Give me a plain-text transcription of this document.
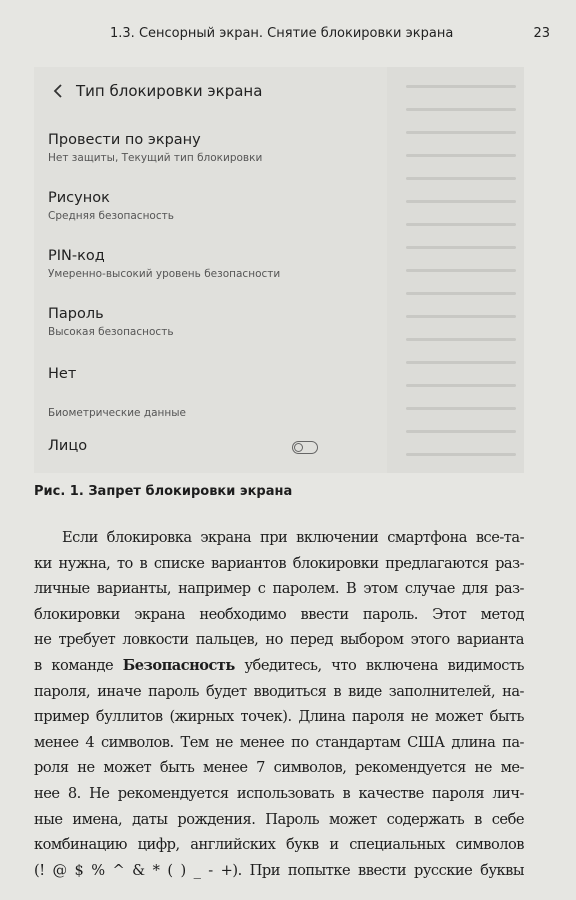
1.3. Сенсорный экран. Снятие блокировки экрана	23
Тип блокировки экрана
Провести по экрану
Нет защиты, Текущий тип блокировки
Рисунок
Средняя безопасность
PIN-код
Умеренно-высокий уровень безопасности
Пароль
Высокая безопасность
Нет
Биометрические данные
Лицо
Рис. 1. Запрет блокировки экрана
Если блокировка экрана при включении смартфона все-та-
ки нужна, то в списке вариантов блокировки предлагаются раз-
личные варианты, например с паролем. В этом случае для раз-
блокировки экрана необходимо ввести пароль. Этот метод
не требует ловкости пальцев, но перед выбором этого варианта
в команде Безопасность убедитесь, что включена видимость
пароля, иначе пароль будет вводиться в виде заполнителей, на-
пример буллитов (жирных точек). Длина пароля не может быть
менее 4 символов. Тем не менее по стандартам США длина па-
роля не может быть менее 7 символов, рекомендуется не ме-
нее 8. Не рекомендуется использовать в качестве пароля лич-
ные имена, даты рождения. Пароль может содержать в себе
комбинацию цифр, английских букв и специальных символов
(! @ $ % ^ & * ( ) _ - +). При попытке ввести русские буквы
